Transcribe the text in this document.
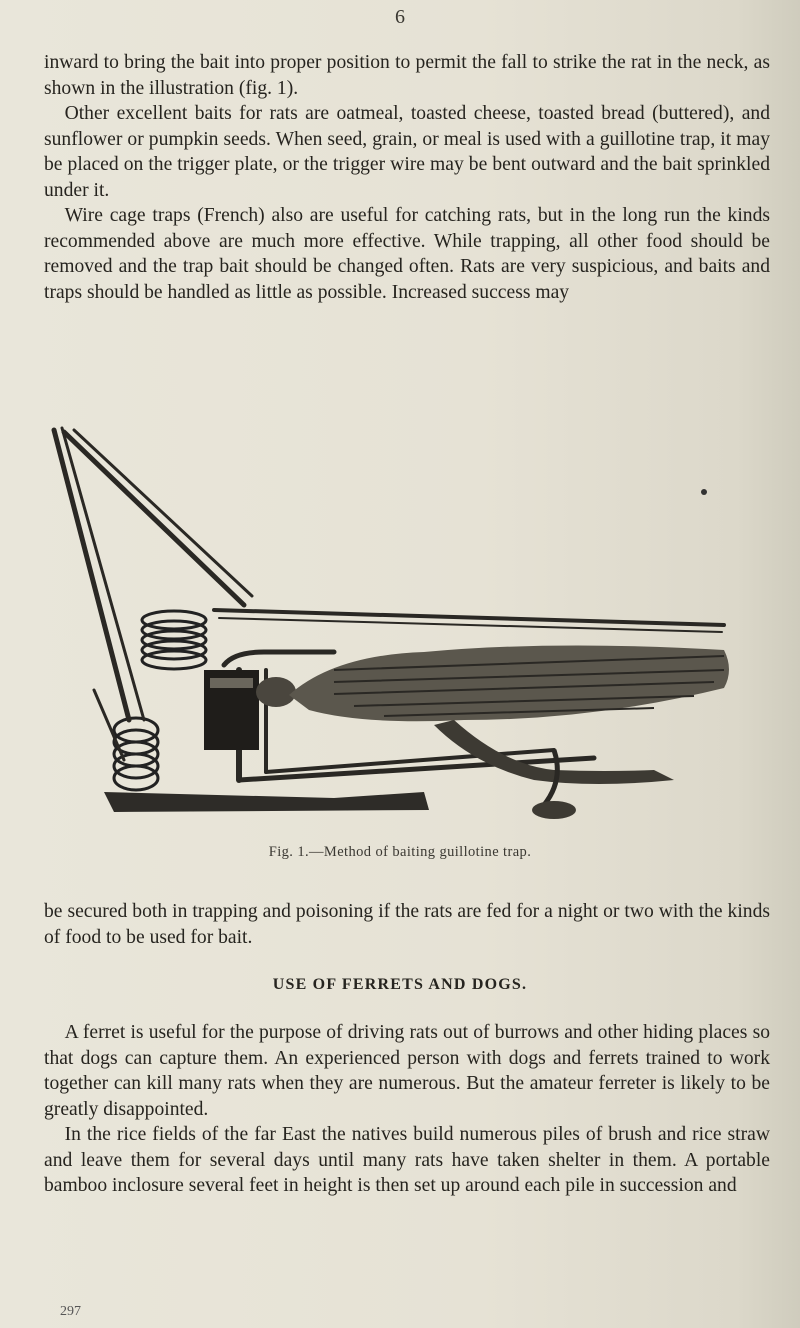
6

inward to bring the bait into proper position to permit the fall to strike the rat in the neck, as shown in the illustration (fig. 1).

Other excellent baits for rats are oatmeal, toasted cheese, toasted bread (buttered), and sunflower or pumpkin seeds. When seed, grain, or meal is used with a guillotine trap, it may be placed on the trigger plate, or the trigger wire may be bent outward and the bait sprinkled under it.

Wire cage traps (French) also are useful for catching rats, but in the long run the kinds recommended above are much more effective. While trapping, all other food should be removed and the trap bait should be changed often. Rats are very suspicious, and baits and traps should be handled as little as possible. Increased success may

Fig. 1.—Method of baiting guillotine trap.

be secured both in trapping and poisoning if the rats are fed for a night or two with the kinds of food to be used for bait.

USE OF FERRETS AND DOGS.

A ferret is useful for the purpose of driving rats out of burrows and other hiding places so that dogs can capture them. An experienced person with dogs and ferrets trained to work together can kill many rats when they are numerous. But the amateur ferreter is likely to be greatly disappointed.

In the rice fields of the far East the natives build numerous piles of brush and rice straw and leave them for several days until many rats have taken shelter in them. A portable bamboo inclosure several feet in height is then set up around each pile in succession and

297
